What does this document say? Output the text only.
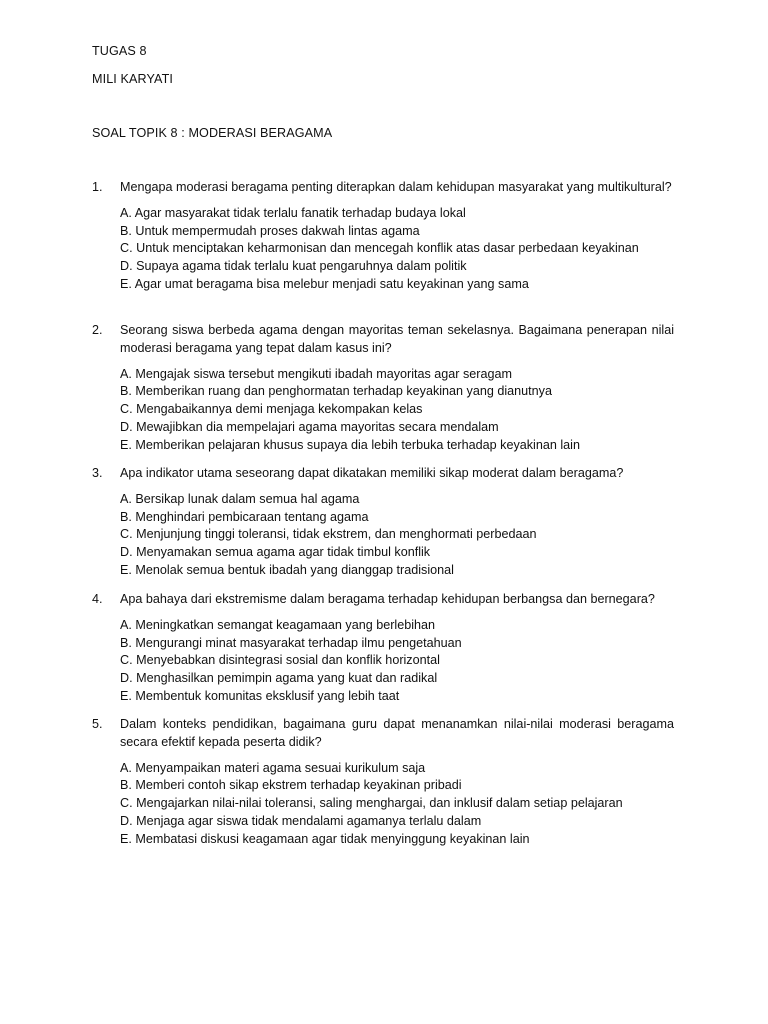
TUGAS 8
MILI KARYATI
SOAL TOPIK 8 : MODERASI BERAGAMA
1.	Mengapa moderasi beragama penting diterapkan dalam kehidupan masyarakat yang multikultural?
A. Agar masyarakat tidak terlalu fanatik terhadap budaya lokal
B. Untuk mempermudah proses dakwah lintas agama
C. Untuk menciptakan keharmonisan dan mencegah konflik atas dasar perbedaan keyakinan
D. Supaya agama tidak terlalu kuat pengaruhnya dalam politik
E. Agar umat beragama bisa melebur menjadi satu keyakinan yang sama
2.	Seorang siswa berbeda agama dengan mayoritas teman sekelasnya. Bagaimana penerapan nilai moderasi beragama yang tepat dalam kasus ini?
A. Mengajak siswa tersebut mengikuti ibadah mayoritas agar seragam
B. Memberikan ruang dan penghormatan terhadap keyakinan yang dianutnya
C. Mengabaikannya demi menjaga kekompakan kelas
D. Mewajibkan dia mempelajari agama mayoritas secara mendalam
E. Memberikan pelajaran khusus supaya dia lebih terbuka terhadap keyakinan lain
3.	Apa indikator utama seseorang dapat dikatakan memiliki sikap moderat dalam beragama?
A. Bersikap lunak dalam semua hal agama
B. Menghindari pembicaraan tentang agama
C. Menjunjung tinggi toleransi, tidak ekstrem, dan menghormati perbedaan
D. Menyamakan semua agama agar tidak timbul konflik
E. Menolak semua bentuk ibadah yang dianggap tradisional
4.	Apa bahaya dari ekstremisme dalam beragama terhadap kehidupan berbangsa dan bernegara?
A. Meningkatkan semangat keagamaan yang berlebihan
B. Mengurangi minat masyarakat terhadap ilmu pengetahuan
C. Menyebabkan disintegrasi sosial dan konflik horizontal
D. Menghasilkan pemimpin agama yang kuat dan radikal
E. Membentuk komunitas eksklusif yang lebih taat
5.	Dalam konteks pendidikan, bagaimana guru dapat menanamkan nilai-nilai moderasi beragama secara efektif kepada peserta didik?
A. Menyampaikan materi agama sesuai kurikulum saja
B. Memberi contoh sikap ekstrem terhadap keyakinan pribadi
C. Mengajarkan nilai-nilai toleransi, saling menghargai, dan inklusif dalam setiap pelajaran
D. Menjaga agar siswa tidak mendalami agamanya terlalu dalam
E. Membatasi diskusi keagamaan agar tidak menyinggung keyakinan lain
